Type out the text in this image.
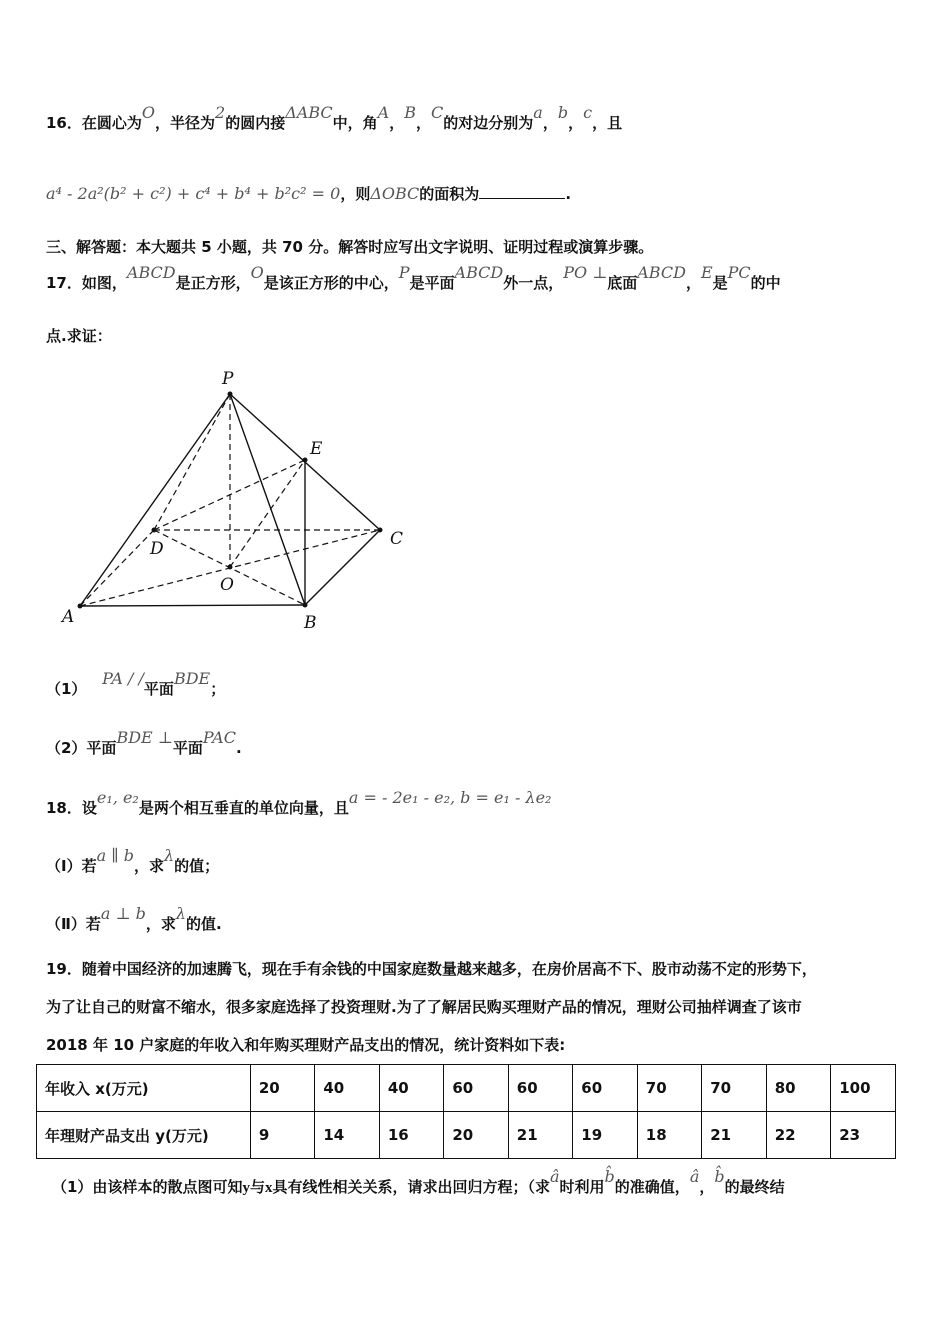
16．在圆心为O，半径为2的圆内接ΔABC中，角A，B，C的对边分别为a，b，c，且
a⁴ - 2a²(b² + c²) + c⁴ + b⁴ + b²c² = 0，则ΔOBC的面积为	.
三、解答题：本大题共 5 小题，共 70 分。解答时应写出文字说明、证明过程或演算步骤。
17．如图，ABCD是正方形，O是该正方形的中心，P是平面ABCD外一点，PO ⊥底面ABCD，E是PC的中
点.求证：
P
E
D	C
O
A	B
（1）   PA / /平面BDE；
（2）平面BDE ⊥平面PAC.
18．设e₁, e₂是两个相互垂直的单位向量，且a = - 2e₁ - e₂, b = e₁ - λe₂
（Ⅰ）若a ∥ b，求λ的值；
（Ⅱ）若a ⊥ b，求λ的值.
19．随着中国经济的加速腾飞，现在手有余钱的中国家庭数量越来越多，在房价居高不下、股市动荡不定的形势下，
为了让自己的财富不缩水，很多家庭选择了投资理财.为了了解居民购买理财产品的情况，理财公司抽样调查了该市
2018 年 10 户家庭的年收入和年购买理财产品支出的情况，统计资料如下表:
年收入 x(万元)	20	40	40	60	60	60	70	70	80	100
年理财产品支出 y(万元)	9	14	16	20	21	19	18	21	22	23
（1）由该样本的散点图可知y与x具有线性相关关系，请求出回归方程；（求â时利用b̂的准确值，â，b̂的最终结
